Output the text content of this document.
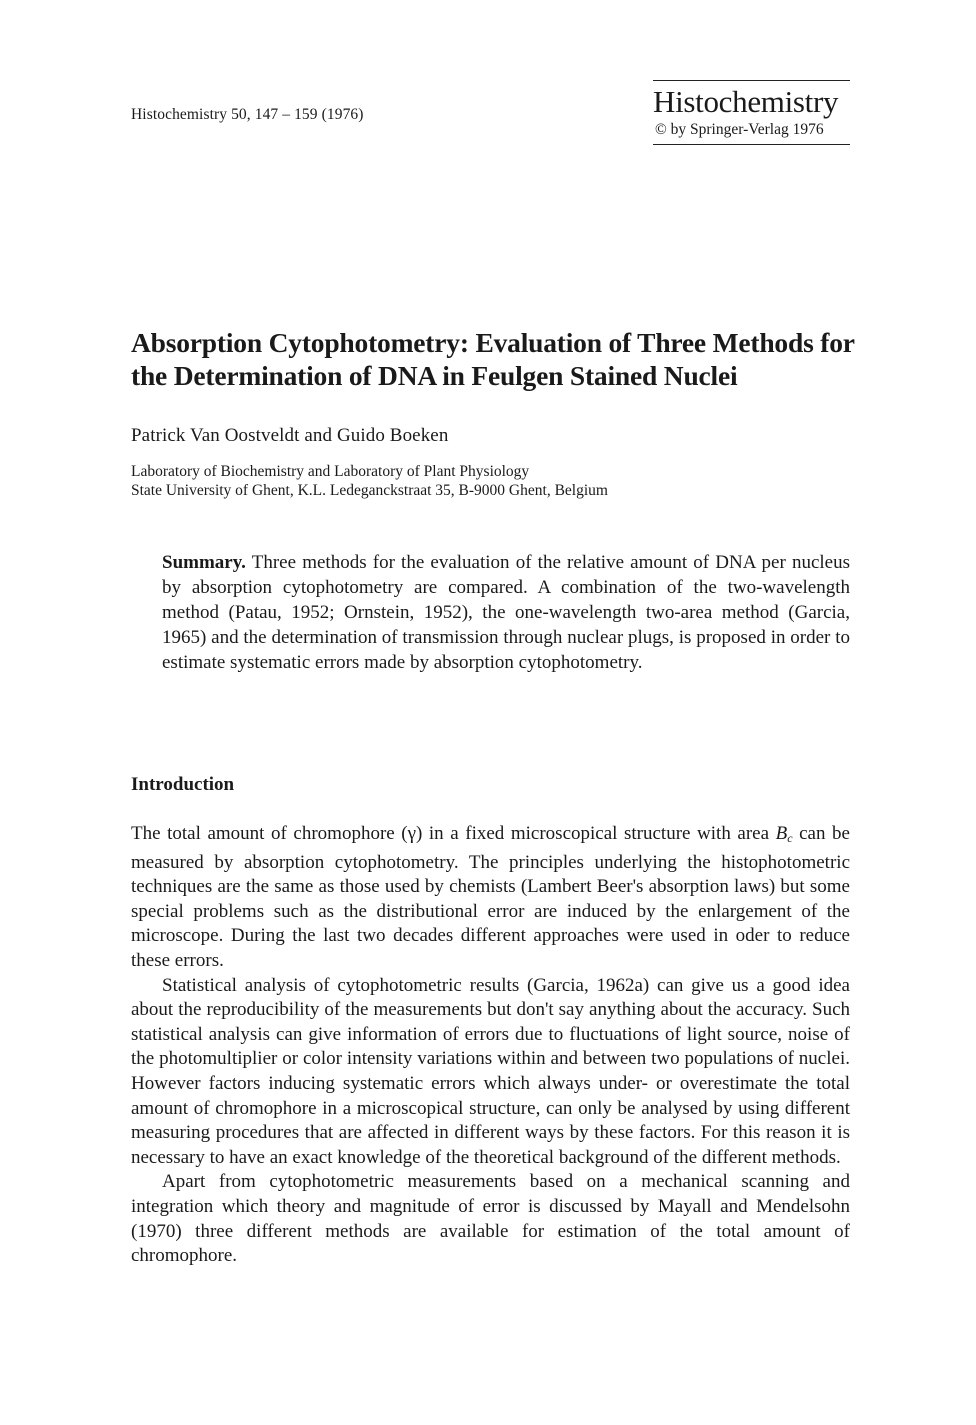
Histochemistry 50, 147 – 159 (1976)	Histochemistry
© by Springer-Verlag 1976
Absorption Cytophotometry: Evaluation of Three Methods for the Determination of DNA in Feulgen Stained Nuclei
Patrick Van Oostveldt and Guido Boeken
Laboratory of Biochemistry and Laboratory of Plant Physiology
State University of Ghent, K.L. Ledeganckstraat 35, B-9000 Ghent, Belgium

Summary. Three methods for the evaluation of the relative amount of DNA per nucleus by absorption cytophotometry are compared. A combination of the two-wavelength method (Patau, 1952; Ornstein, 1952), the one-wavelength two-area method (Garcia, 1965) and the determination of transmission through nuclear plugs, is proposed in order to estimate systematic errors made by absorption cytophotometry.

Introduction

The total amount of chromophore (γ) in a fixed microscopical structure with area $B_c$ can be measured by absorption cytophotometry. The principles underlying the histophotometric techniques are the same as those used by chemists (Lambert Beer's absorption laws) but some special problems such as the distributional error are induced by the enlargement of the microscope. During the last two decades different approaches were used in oder to reduce these errors.

Statistical analysis of cytophotometric results (Garcia, 1962a) can give us a good idea about the reproducibility of the measurements but don't say anything about the accuracy. Such statistical analysis can give information of errors due to fluctuations of light source, noise of the photomultiplier or color intensity variations within and between two populations of nuclei. However factors inducing systematic errors which always under- or overestimate the total amount of chromophore in a microscopical structure, can only be analysed by using different measuring procedures that are affected in different ways by these factors. For this reason it is necessary to have an exact knowledge of the theoretical background of the different methods.

Apart from cytophotometric measurements based on a mechanical scanning and integration which theory and magnitude of error is discussed by Mayall and Mendelsohn (1970) three different methods are available for estimation of the total amount of chromophore.
